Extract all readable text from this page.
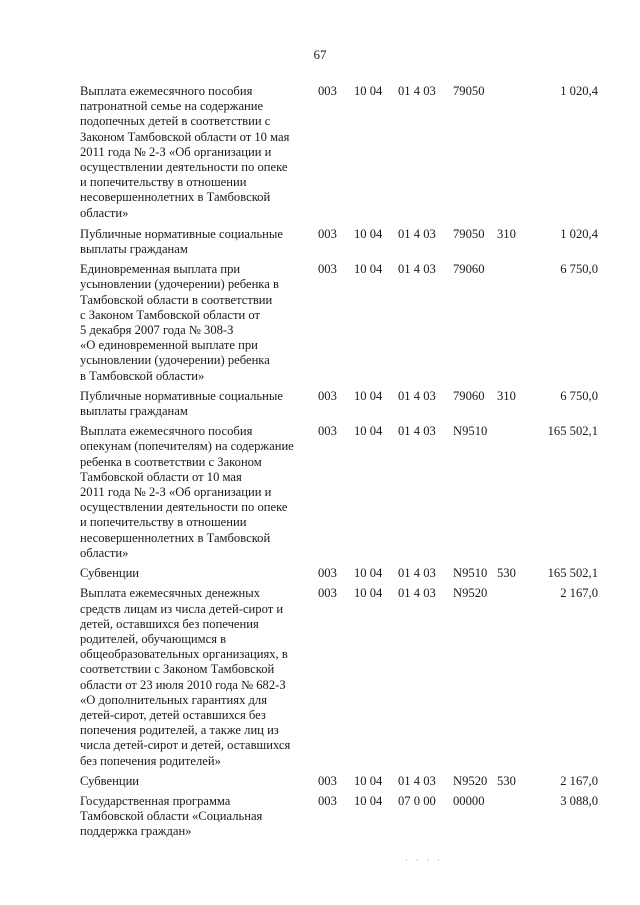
67
Выплата ежемесячного пособия
патронатной семье на содержание
подопечных детей в соответствии с
Законом Тамбовской области от 10 мая
2011 года № 2-З «Об организации и
осуществлении деятельности по опеке
и попечительству в отношении
несовершеннолетних в Тамбовской
области»
003 10 04 01 4 03 79050	1 020,4
Публичные нормативные социальные
выплаты гражданам
003 10 04 01 4 03 79050 310	1 020,4
Единовременная выплата при
усыновлении (удочерении) ребенка в
Тамбовской области в соответствии
с Законом Тамбовской области от
5 декабря 2007 года № 308-З
«О единовременной выплате при
усыновлении (удочерении) ребенка
в Тамбовской области»
003 10 04 01 4 03 79060	6 750,0
Публичные нормативные социальные
выплаты гражданам
003 10 04 01 4 03 79060 310	6 750,0
Выплата ежемесячного пособия
опекунам (попечителям) на содержание
ребенка в соответствии с Законом
Тамбовской области от 10 мая
2011 года № 2-З «Об организации и
осуществлении деятельности по опеке
и попечительству в отношении
несовершеннолетних в Тамбовской
области»
003 10 04 01 4 03 N9510	165 502,1
Субвенции	003 10 04 01 4 03 N9510 530	165 502,1
Выплата ежемесячных денежных
средств лицам из числа детей-сирот и
детей, оставшихся без попечения
родителей, обучающимся в
общеобразовательных организациях, в
соответствии с Законом Тамбовской
области от 23 июля 2010 года № 682-З
«О дополнительных гарантиях для
детей-сирот, детей оставшихся без
попечения родителей, а также лиц из
числа детей-сирот и детей, оставшихся
без попечения родителей»
003 10 04 01 4 03 N9520	2 167,0
Субвенции	003 10 04 01 4 03 N9520 530	2 167,0
Государственная программа
Тамбовской области «Социальная
поддержка граждан»
003 10 04 07 0 00 00000	3 088,0
· · · ·
